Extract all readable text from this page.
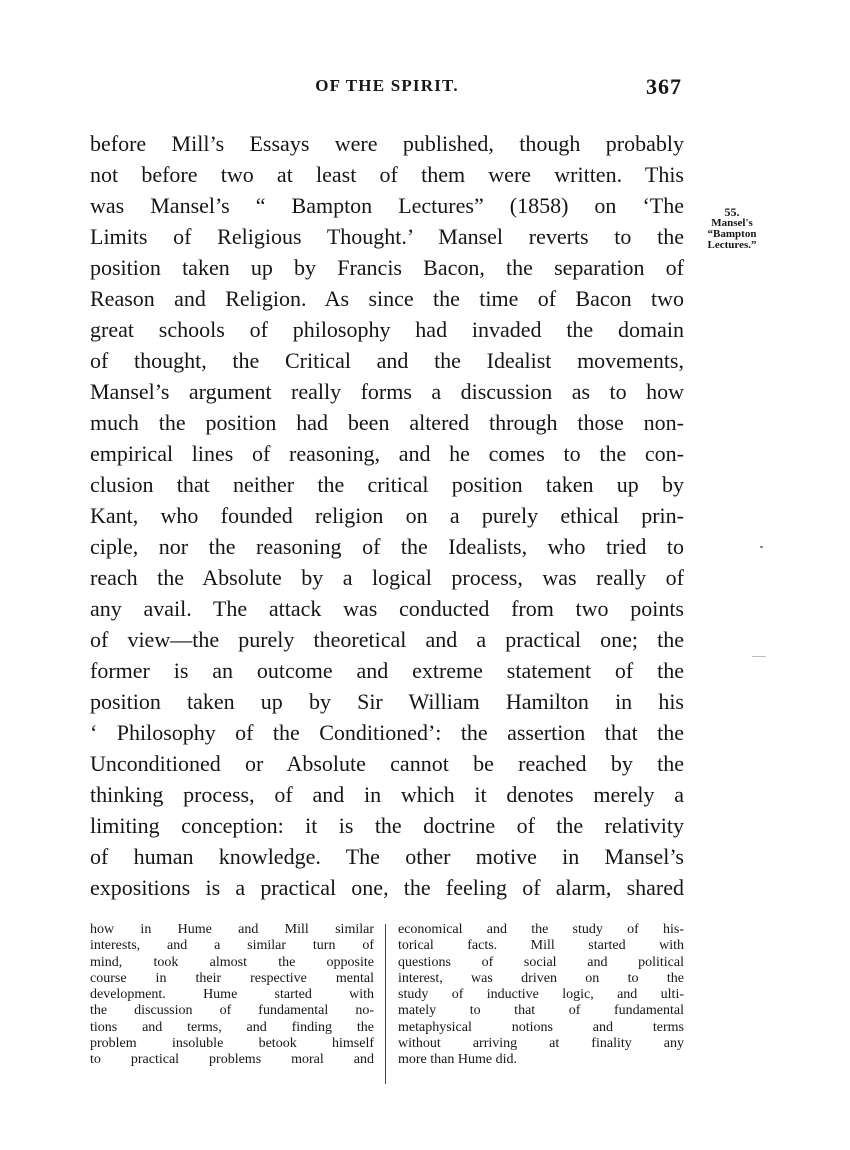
OF THE SPIRIT.	367
55.
Mansel's
“Bampton
Lectures.”
before Mill’s Essays were published, though probably
not before two at least of them were written. This
was Mansel’s “ Bampton Lectures” (1858) on ‘The
Limits of Religious Thought.’ Mansel reverts to the
position taken up by Francis Bacon, the separation of
Reason and Religion. As since the time of Bacon two
great schools of philosophy had invaded the domain
of thought, the Critical and the Idealist movements,
Mansel’s argument really forms a discussion as to how
much the position had been altered through those non-
empirical lines of reasoning, and he comes to the con-
clusion that neither the critical position taken up by
Kant, who founded religion on a purely ethical prin-
ciple, nor the reasoning of the Idealists, who tried to
reach the Absolute by a logical process, was really of
any avail. The attack was conducted from two points
of view—the purely theoretical and a practical one; the
former is an outcome and extreme statement of the
position taken up by Sir William Hamilton in his
‘ Philosophy of the Conditioned’: the assertion that the
Unconditioned or Absolute cannot be reached by the
thinking process, of and in which it denotes merely a
limiting conception: it is the doctrine of the relativity
of human knowledge. The other motive in Mansel’s
expositions is a practical one, the feeling of alarm, shared
how in Hume and Mill similar
interests, and a similar turn of
mind, took almost the opposite
course in their respective mental
development. Hume started with
the discussion of fundamental no-
tions and terms, and finding the
problem insoluble betook himself
to practical problems moral and
economical and the study of his-
torical facts. Mill started with
questions of social and political
interest, was driven on to the
study of inductive logic, and ulti-
mately to that of fundamental
metaphysical notions and terms
without arriving at finality any
more than Hume did.
